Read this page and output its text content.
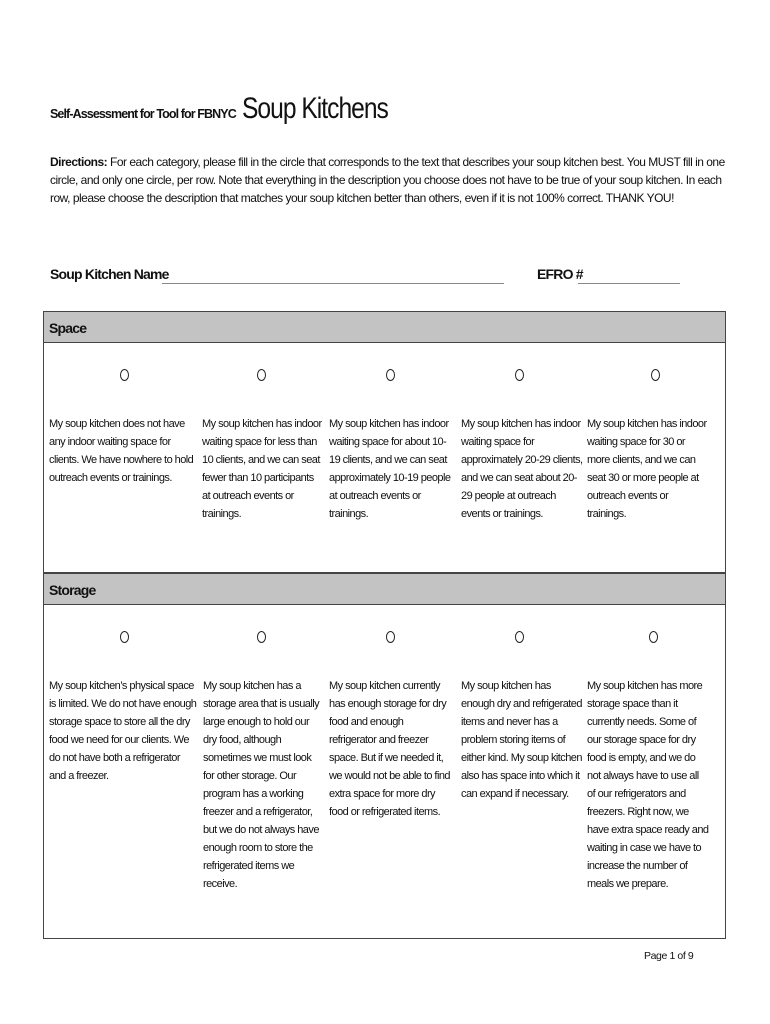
Self-Assessment for Tool for FBNYC Soup Kitchens
Directions: For each category, please fill in the circle that corresponds to the text that describes your soup kitchen best. You MUST fill in one circle, and only one circle, per row. Note that everything in the description you choose does not have to be true of your soup kitchen. In each row, please choose the description that matches your soup kitchen better than others, even if it is not 100% correct. THANK YOU!
Soup Kitchen Name	EFRO #
Space
My soup kitchen does not have any indoor waiting space for clients. We have nowhere to hold outreach events or trainings.
My soup kitchen has indoor waiting space for less than 10 clients, and we can seat fewer than 10 participants at outreach events or trainings.
My soup kitchen has indoor waiting space for about 10-19 clients, and we can seat approximately 10-19 people at outreach events or trainings.
My soup kitchen has indoor waiting space for approximately 20-29 clients, and we can seat about 20-29 people at outreach events or trainings.
My soup kitchen has indoor waiting space for 30 or more clients, and we can seat 30 or more people at outreach events or trainings.
Storage
My soup kitchen’s physical space is limited. We do not have enough storage space to store all the dry food we need for our clients. We do not have both a refrigerator and a freezer.
My soup kitchen has a storage area that is usually large enough to hold our dry food, although sometimes we must look for other storage. Our program has a working freezer and a refrigerator, but we do not always have enough room to store the refrigerated items we receive.
My soup kitchen currently has enough storage for dry food and enough refrigerator and freezer space. But if we needed it, we would not be able to find extra space for more dry food or refrigerated items.
My soup kitchen has enough dry and refrigerated items and never has a problem storing items of either kind. My soup kitchen also has space into which it can expand if necessary.
My soup kitchen has more storage space than it currently needs. Some of our storage space for dry food is empty, and we do not always have to use all of our refrigerators and freezers. Right now, we have extra space ready and waiting in case we have to increase the number of meals we prepare.
Page 1 of 9
